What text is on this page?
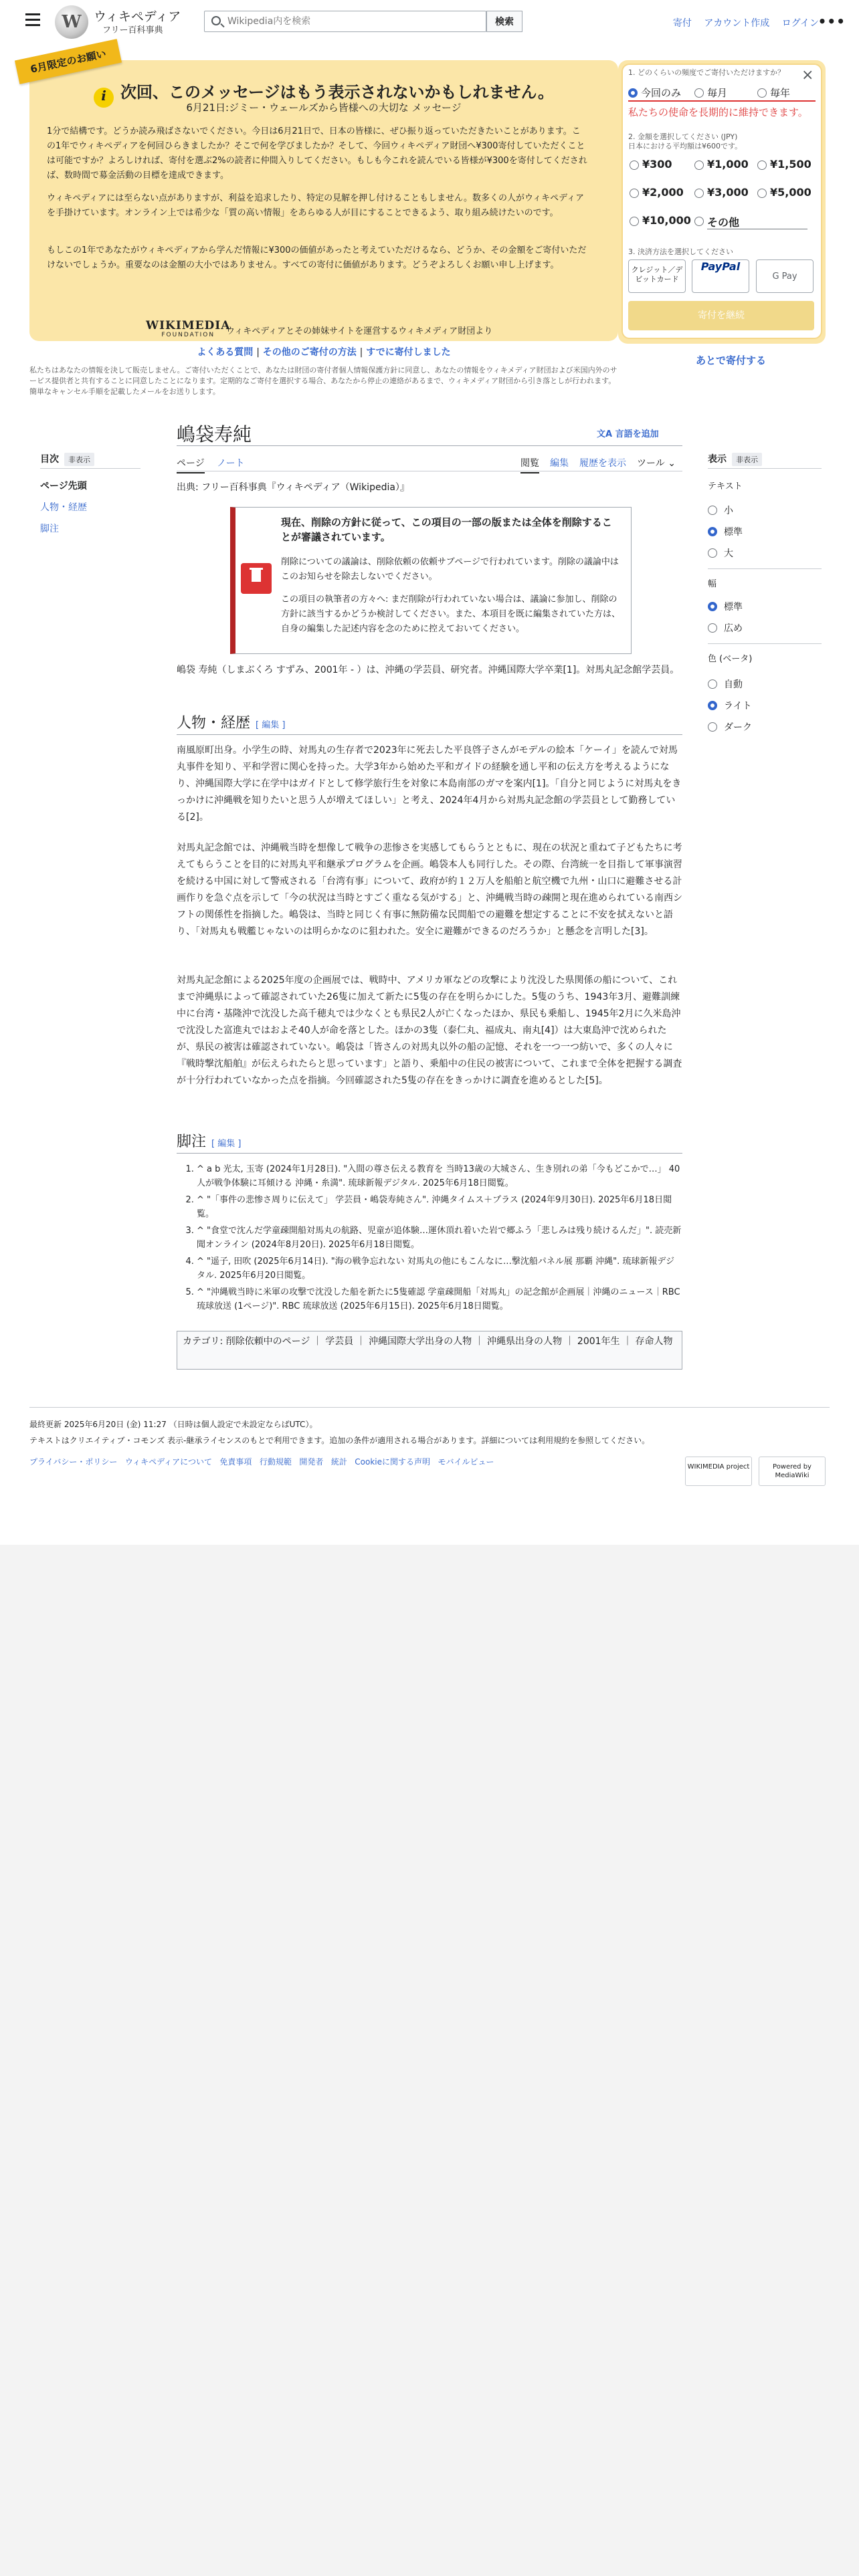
W ウィキペディア
フリー百科事典
Wikipedia内を検索
検索	寄付 アカウント作成 ログイン
•••
6月限定のお願い
i 次回、このメッセージはもう表示されないかもしれません。
6月21日:ジミー・ウェールズから皆様への大切な メッセージ
1分で結構です。どうか読み飛ばさないでください。今日は6月21日で、日本の皆様に、ぜひ振り返っていただきたいことがあります。この1年でウィキペディアを何回ひらきましたか？そこで何を学びましたか？そして、今回ウィキペディア財団へ¥300寄付していただくことは可能ですか？よろしければ、寄付を選ぶ2%の読者に仲間入りしてください。もしも今これを読んでいる皆様が¥300を寄付してくだされば、数時間で募金活動の目標を達成できます。
ウィキペディアには至らない点がありますが、利益を追求したり、特定の見解を押し付けることもしません。数多くの人がウィキペディアを手掛けています。オンライン上では希少な「質の高い情報」をあらゆる人が目にすることできるよう、取り組み続けたいのです。
もしこの1年であなたがウィキペディアから学んだ情報に¥300の価値があったと考えていただけるなら、どうか、その金額をご寄付いただけないでしょうか。重要なのは金額の大小ではありません。すべての寄付に価値があります。どうぞよろしくお願い申し上げます。
WIKIMEDIA
FOUNDATION	ウィキペディアとその姉妹サイトを運営するウィキメディア財団より
×
1. どのくらいの頻度でご寄付いただけますか？
今回のみ	毎月	毎年
私たちの使命を長期的に維持できます。
2. 金額を選択してください (JPY)
日本における平均額は¥600です。
¥300	¥1,000 ¥1,500
¥2,000 ¥3,000 ¥5,000
¥10,000 その他
3. 決済方法を選択してください
クレジット／デビットカード
PayPal
G Pay
寄付を継続
あとで寄付する
よくある質問 | その他のご寄付の方法 | すでに寄付しました
私たちはあなたの情報を決して販売しません。ご寄付いただくことで、あなたは財団の寄付者個人情報保護方針に同意し、あなたの情報をウィキメディア財団および米国内外のサービス提供者と共有することに同意したことになります。定期的なご寄付を選択する場合、あなたから停止の連絡があるまで、ウィキメディア財団から引き落としが行われます。簡単なキャンセル手順を記載したメールをお送りします。
目次 非表示
ページ先頭
人物・経歴
脚注
表示 非表示
テキスト
小
標準
大
幅
標準
広め
色 (ベータ)
自動
ライト
ダーク
嶋袋寿純	文A 言語を追加
ページ ノート	閲覧 編集 履歴を表示 ツール ⌄
出典: フリー百科事典『ウィキペディア（Wikipedia）』
現在、削除の方針に従って、この項目の一部の版または全体を削除することが審議されています。
削除についての議論は、削除依頼の依頼サブページで行われています。削除の議論中はこのお知らせを除去しないでください。
この項目の執筆者の方々へ: まだ削除が行われていない場合は、議論に参加し、削除の方針に該当するかどうか検討してください。また、本項目を既に編集されていた方は、自身の編集した記述内容を念のために控えておいてください。
嶋袋 寿純（しまぶくろ すずみ、2001年 - ）は、沖縄の学芸員、研究者。沖縄国際大学卒業[1]。対馬丸記念館学芸員。
人物・経歴 [ 編集 ]
南風原町出身。小学生の時、対馬丸の生存者で2023年に死去した平良啓子さんがモデルの絵本「ケーイ」を読んで対馬丸事件を知り、平和学習に関心を持った。大学3年から始めた平和ガイドの経験を通し平和の伝え方を考えるようになり、沖縄国際大学に在学中はガイドとして修学旅行生を対象に本島南部のガマを案内[1]。「自分と同じように対馬丸をきっかけに沖縄戦を知りたいと思う人が増えてほしい」と考え、2024年4月から対馬丸記念館の学芸員として勤務している[2]。
対馬丸記念館では、沖縄戦当時を想像して戦争の悲惨さを実感してもらうとともに、現在の状況と重ねて子どもたちに考えてもらうことを目的に対馬丸平和継承プログラムを企画。嶋袋本人も同行した。その際、台湾統一を目指して軍事演習を続ける中国に対して警戒される「台湾有事」について、政府が約１２万人を船舶と航空機で九州・山口に避難させる計画作りを急ぐ点を示して「今の状況は当時とすごく重なる気がする」と、沖縄戦当時の疎開と現在進められている南西シフトの関係性を指摘した。嶋袋は、当時と同じく有事に無防備な民間船での避難を想定することに不安を拭えないと語り、「対馬丸も戦艦じゃないのは明らかなのに狙われた。安全に避難ができるのだろうか」と懸念を言明した[3]。
対馬丸記念館による2025年度の企画展では、戦時中、アメリカ軍などの攻撃により沈没した県関係の船について、これまで沖縄県によって確認されていた26隻に加えて新たに5隻の存在を明らかにした。5隻のうち、1943年3月、避難訓練中に台湾・基隆沖で沈没した高千穂丸では少なくとも県民2人が亡くなったほか、県民も乗船し、1945年2月に久米島沖で沈没した富進丸ではおよそ40人が命を落とした。ほかの3隻（泰仁丸、福成丸、南丸[4]）は大東島沖で沈められたが、県民の被害は確認されていない。嶋袋は「皆さんの対馬丸以外の船の記憶、それを一つ一つ紡いで、多くの人々に『戦時撃沈船舶』が伝えられたらと思っています」と語り、乗船中の住民の被害について、これまで全体を把握する調査が十分行われていなかった点を指摘。今回確認された5隻の存在をきっかけに調査を進めるとした[5]。
脚注 [ 編集 ]
1. ^ a b 光太, 玉寄 (2024年1月28日). "入間の尊さ伝える教育を 当時13歳の大城さん、生き別れの弟「今もどこかで…」 40人が戦争体験に耳傾ける 沖縄・糸満". 琉球新報デジタル. 2025年6月18日閲覧。
2. ^ "「事件の悲惨さ周りに伝えて」 学芸員・嶋袋寿純さん". 沖縄タイムス＋プラス (2024年9月30日). 2025年6月18日閲覧。
3. ^ "食堂で沈んだ学童疎開船対馬丸の航路、児童が追体験…運休頂れ着いた岩で郷ふう「悲しみは残り続けるんだ」". 読売新聞オンライン (2024年8月20日). 2025年6月18日閲覧。
4. ^ "遥子, 田吹 (2025年6月14日). "海の戦争忘れない 対馬丸の他にもこんなに…撃沈船パネル展 那覇 沖縄". 琉球新報デジタル. 2025年6月20日閲覧。
5. ^ "沖縄戦当時に米軍の攻撃で沈没した船を新たに5隻確認 学童疎開船「対馬丸」の記念館が企画展｜沖縄のニュース｜RBC 琉球放送 (1ページ)". RBC 琉球放送 (2025年6月15日). 2025年6月18日閲覧。
カテゴリ: 削除依頼中のページ ｜ 学芸員 ｜ 沖縄国際大学出身の人物 ｜ 沖縄県出身の人物 ｜ 2001年生 ｜ 存命人物
最終更新 2025年6月20日 (金) 11:27 （日時は個人設定で未設定ならばUTC）。
テキストはクリエイティブ・コモンズ 表示-継承ライセンスのもとで利用できます。追加の条件が適用される場合があります。詳細については利用規約を参照してください。
プライバシー・ポリシー ウィキペディアについて 免責事項 行動規範 開発者 統計 Cookieに関する声明 モバイルビュー
WIKIMEDIA project	Powered by MediaWiki
